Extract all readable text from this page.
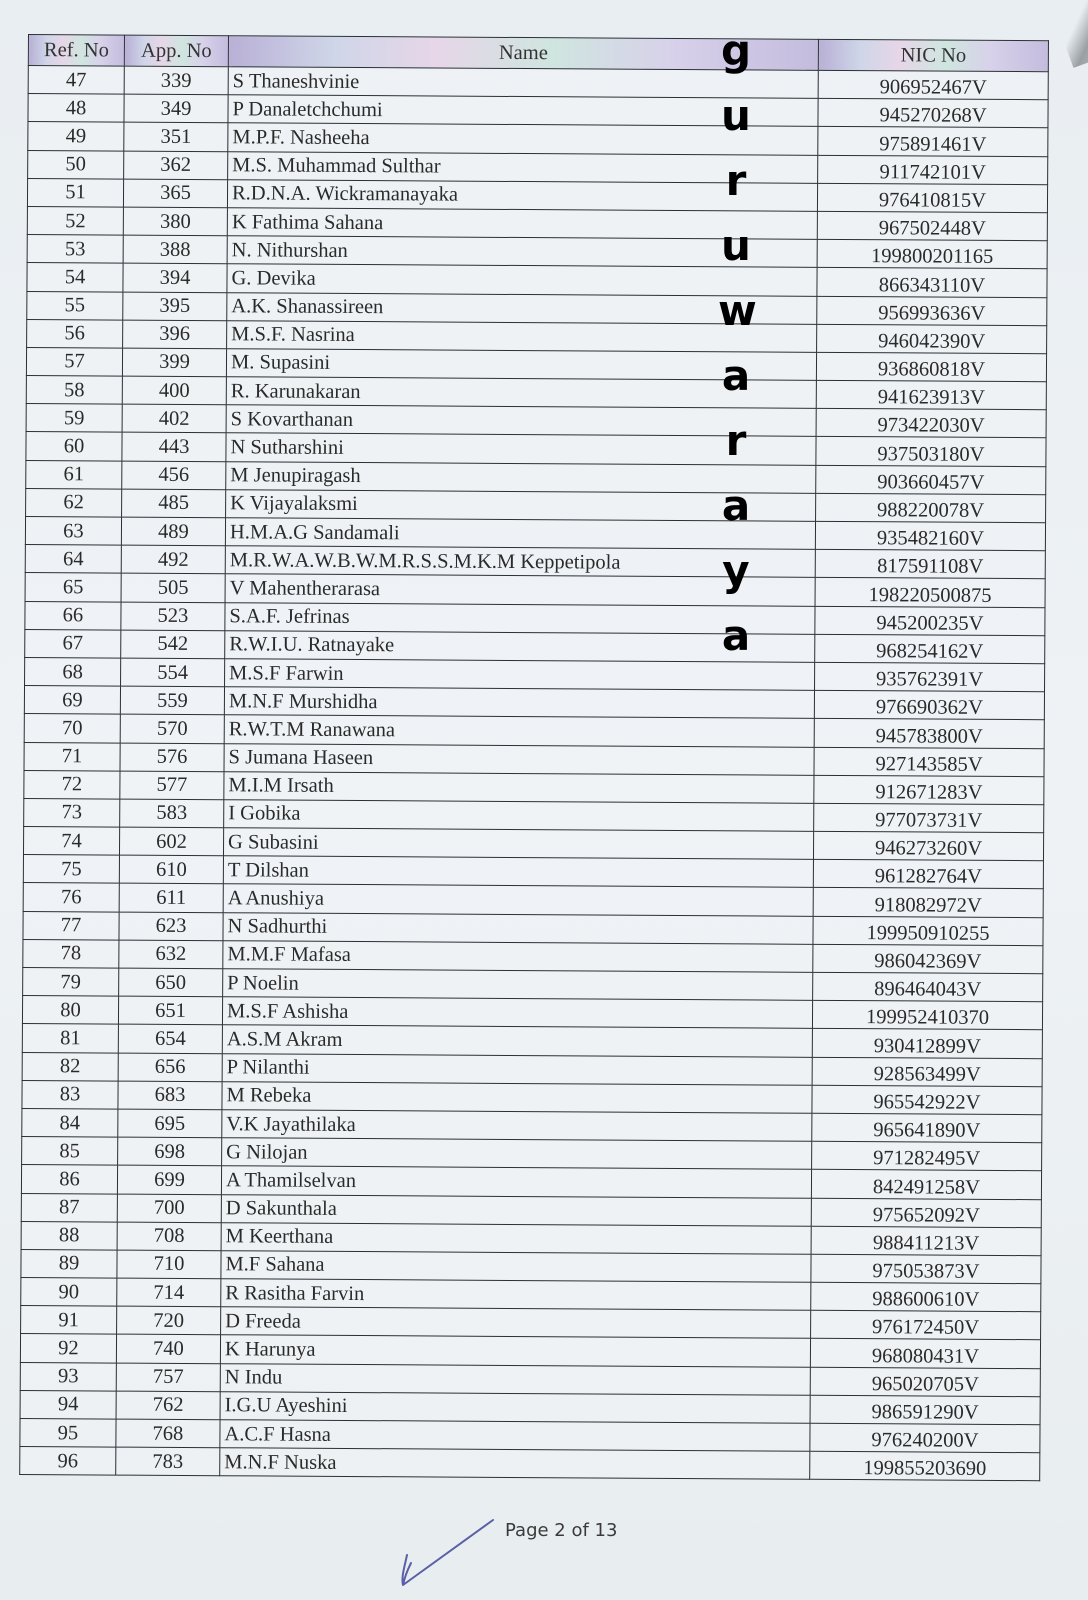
Ref. No	App. No	Name	NIC No
47	339	S Thaneshvinie	906952467V
48	349	P Danaletchchumi	945270268V
49	351	M.P.F. Nasheeha	975891461V
50	362	M.S. Muhammad Sulthar	911742101V
51	365	R.D.N.A. Wickramanayaka	976410815V
52	380	K Fathima Sahana	967502448V
53	388	N. Nithurshan	199800201165
54	394	G. Devika	866343110V
55	395	A.K. Shanassireen	956993636V
56	396	M.S.F. Nasrina	946042390V
57	399	M. Supasini	936860818V
58	400	R. Karunakaran	941623913V
59	402	S Kovarthanan	973422030V
60	443	N Sutharshini	937503180V
61	456	M Jenupiragash	903660457V
62	485	K Vijayalaksmi	988220078V
63	489	H.M.A.G Sandamali	935482160V
64	492	M.R.W.A.W.B.W.M.R.S.S.M.K.M Keppetipola	817591108V
65	505	V Mahentherarasa	198220500875
66	523	S.A.F. Jefrinas	945200235V
67	542	R.W.I.U. Ratnayake	968254162V
68	554	M.S.F Farwin	935762391V
69	559	M.N.F Murshidha	976690362V
70	570	R.W.T.M Ranawana	945783800V
71	576	S Jumana Haseen	927143585V
72	577	M.I.M Irsath	912671283V
73	583	I Gobika	977073731V
74	602	G Subasini	946273260V
75	610	T Dilshan	961282764V
76	611	A Anushiya	918082972V
77	623	N Sadhurthi	199950910255
78	632	M.M.F Mafasa	986042369V
79	650	P Noelin	896464043V
80	651	M.S.F Ashisha	199952410370
81	654	A.S.M Akram	930412899V
82	656	P Nilanthi	928563499V
83	683	M Rebeka	965542922V
84	695	V.K Jayathilaka	965641890V
85	698	G Nilojan	971282495V
86	699	A Thamilselvan	842491258V
87	700	D Sakunthala	975652092V
88	708	M Keerthana	988411213V
89	710	M.F Sahana	975053873V
90	714	R Rasitha Farvin	988600610V
91	720	D Freeda	976172450V
92	740	K Harunya	968080431V
93	757	N Indu	965020705V
94	762	I.G.U Ayeshini	986591290V
95	768	A.C.F Hasna	976240200V
96	783	M.N.F Nuska	199855203690
g
u
r
u
w
a
r
a
y
a
Page 2 of 13
